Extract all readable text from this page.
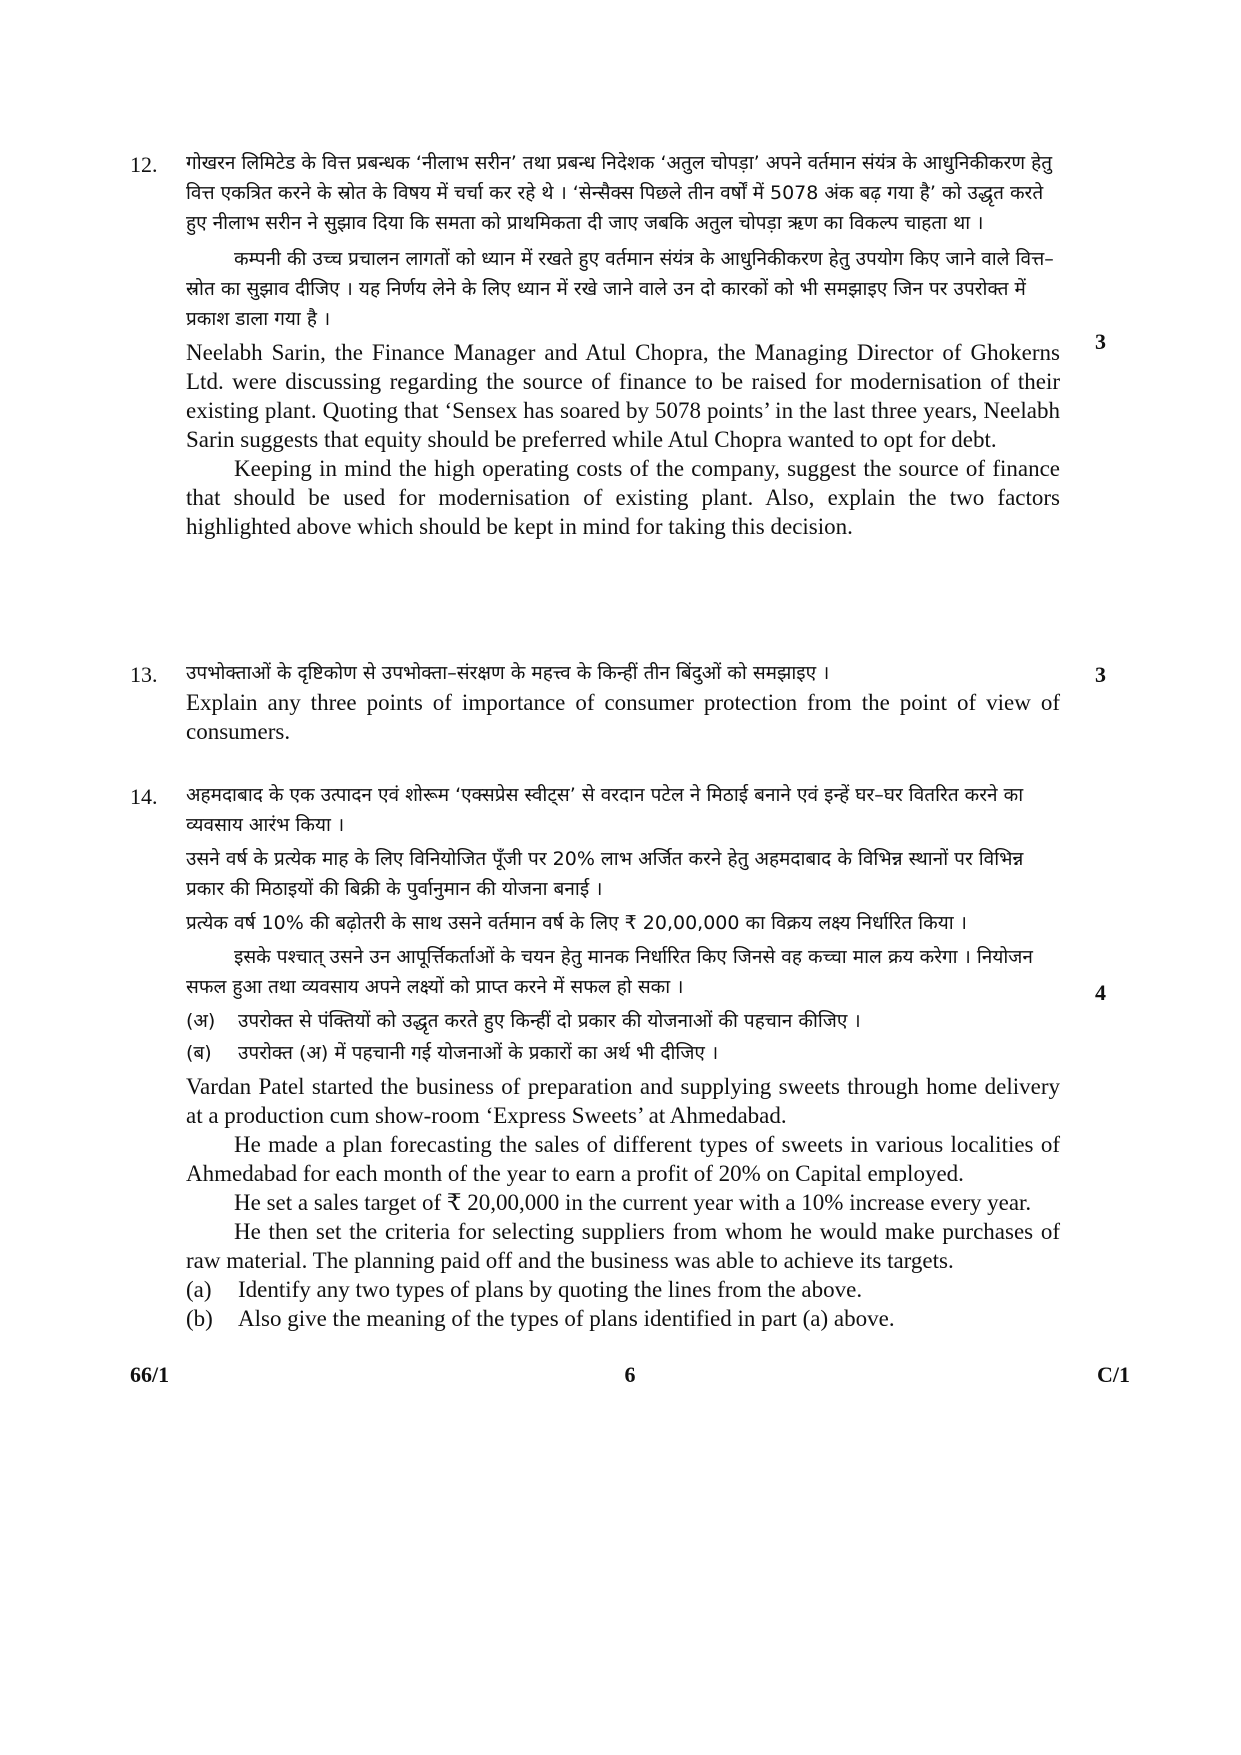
12. गोखरन लिमिटेड के वित्त प्रबन्धक ‘नीलाभ सरीन’ तथा प्रबन्ध निदेशक ‘अतुल चोपड़ा’ अपने वर्तमान संयंत्र के आधुनिकीकरण हेतु वित्त एकत्रित करने के स्रोत के विषय में चर्चा कर रहे थे । ‘सेन्सैक्स पिछले तीन वर्षों में 5078 अंक बढ़ गया है’ को उद्धृत करते हुए नीलाभ सरीन ने सुझाव दिया कि समता को प्राथमिकता दी जाए जबकि अतुल चोपड़ा ऋण का विकल्प चाहता था ।

कम्पनी की उच्च प्रचालन लागतों को ध्यान में रखते हुए वर्तमान संयंत्र के आधुनिकीकरण हेतु उपयोग किए जाने वाले वित्त–स्रोत का सुझाव दीजिए । यह निर्णय लेने के लिए ध्यान में रखे जाने वाले उन दो कारकों को भी समझाइए जिन पर उपरोक्त में प्रकाश डाला गया है ।

Neelabh Sarin, the Finance Manager and Atul Chopra, the Managing Director of Ghokerns Ltd. were discussing regarding the source of finance to be raised for modernisation of their existing plant. Quoting that ‘Sensex has soared by 5078 points’ in the last three years, Neelabh Sarin suggests that equity should be preferred while Atul Chopra wanted to opt for debt.

Keeping in mind the high operating costs of the company, suggest the source of finance that should be used for modernisation of existing plant. Also, explain the two factors highlighted above which should be kept in mind for taking this decision.

3
13. उपभोक्ताओं के दृष्टिकोण से उपभोक्ता–संरक्षण के महत्त्व के किन्हीं तीन बिंदुओं को समझाइए ।

Explain any three points of importance of consumer protection from the point of view of consumers.

3
14. अहमदाबाद के एक उत्पादन एवं शोरूम ‘एक्सप्रेस स्वीट्स’ से वरदान पटेल ने मिठाई बनाने एवं इन्हें घर–घर वितरित करने का व्यवसाय आरंभ किया ।

उसने वर्ष के प्रत्येक माह के लिए विनियोजित पूँजी पर 20% लाभ अर्जित करने हेतु अहमदाबाद के विभिन्न स्थानों पर विभिन्न प्रकार की मिठाइयों की बिक्री के पुर्वानुमान की योजना बनाई ।

प्रत्येक वर्ष 10% की बढ़ोतरी के साथ उसने वर्तमान वर्ष के लिए ₹ 20,00,000 का विक्रय लक्ष्य निर्धारित किया ।

इसके पश्चात् उसने उन आपूर्त्तिकर्ताओं के चयन हेतु मानक निर्धारित किए जिनसे वह कच्चा माल क्रय करेगा । नियोजन सफल हुआ तथा व्यवसाय अपने लक्ष्यों को प्राप्त करने में सफल हो सका ।

(अ)	उपरोक्त से पंक्तियों को उद्धृत करते हुए किन्हीं दो प्रकार की योजनाओं की पहचान कीजिए ।
(ब)	उपरोक्त (अ) में पहचानी गई योजनाओं के प्रकारों का अर्थ भी दीजिए ।

Vardan Patel started the business of preparation and supplying sweets through home delivery at a production cum show-room ‘Express Sweets’ at Ahmedabad.

He made a plan forecasting the sales of different types of sweets in various localities of Ahmedabad for each month of the year to earn a profit of 20% on Capital employed.

He set a sales target of ₹ 20,00,000 in the current year with a 10% increase every year.

He then set the criteria for selecting suppliers from whom he would make purchases of raw material. The planning paid off and the business was able to achieve its targets.

(a)	Identify any two types of plans by quoting the lines from the above.
(b)	Also give the meaning of the types of plans identified in part (a) above.
4
66/1	6	C/1
